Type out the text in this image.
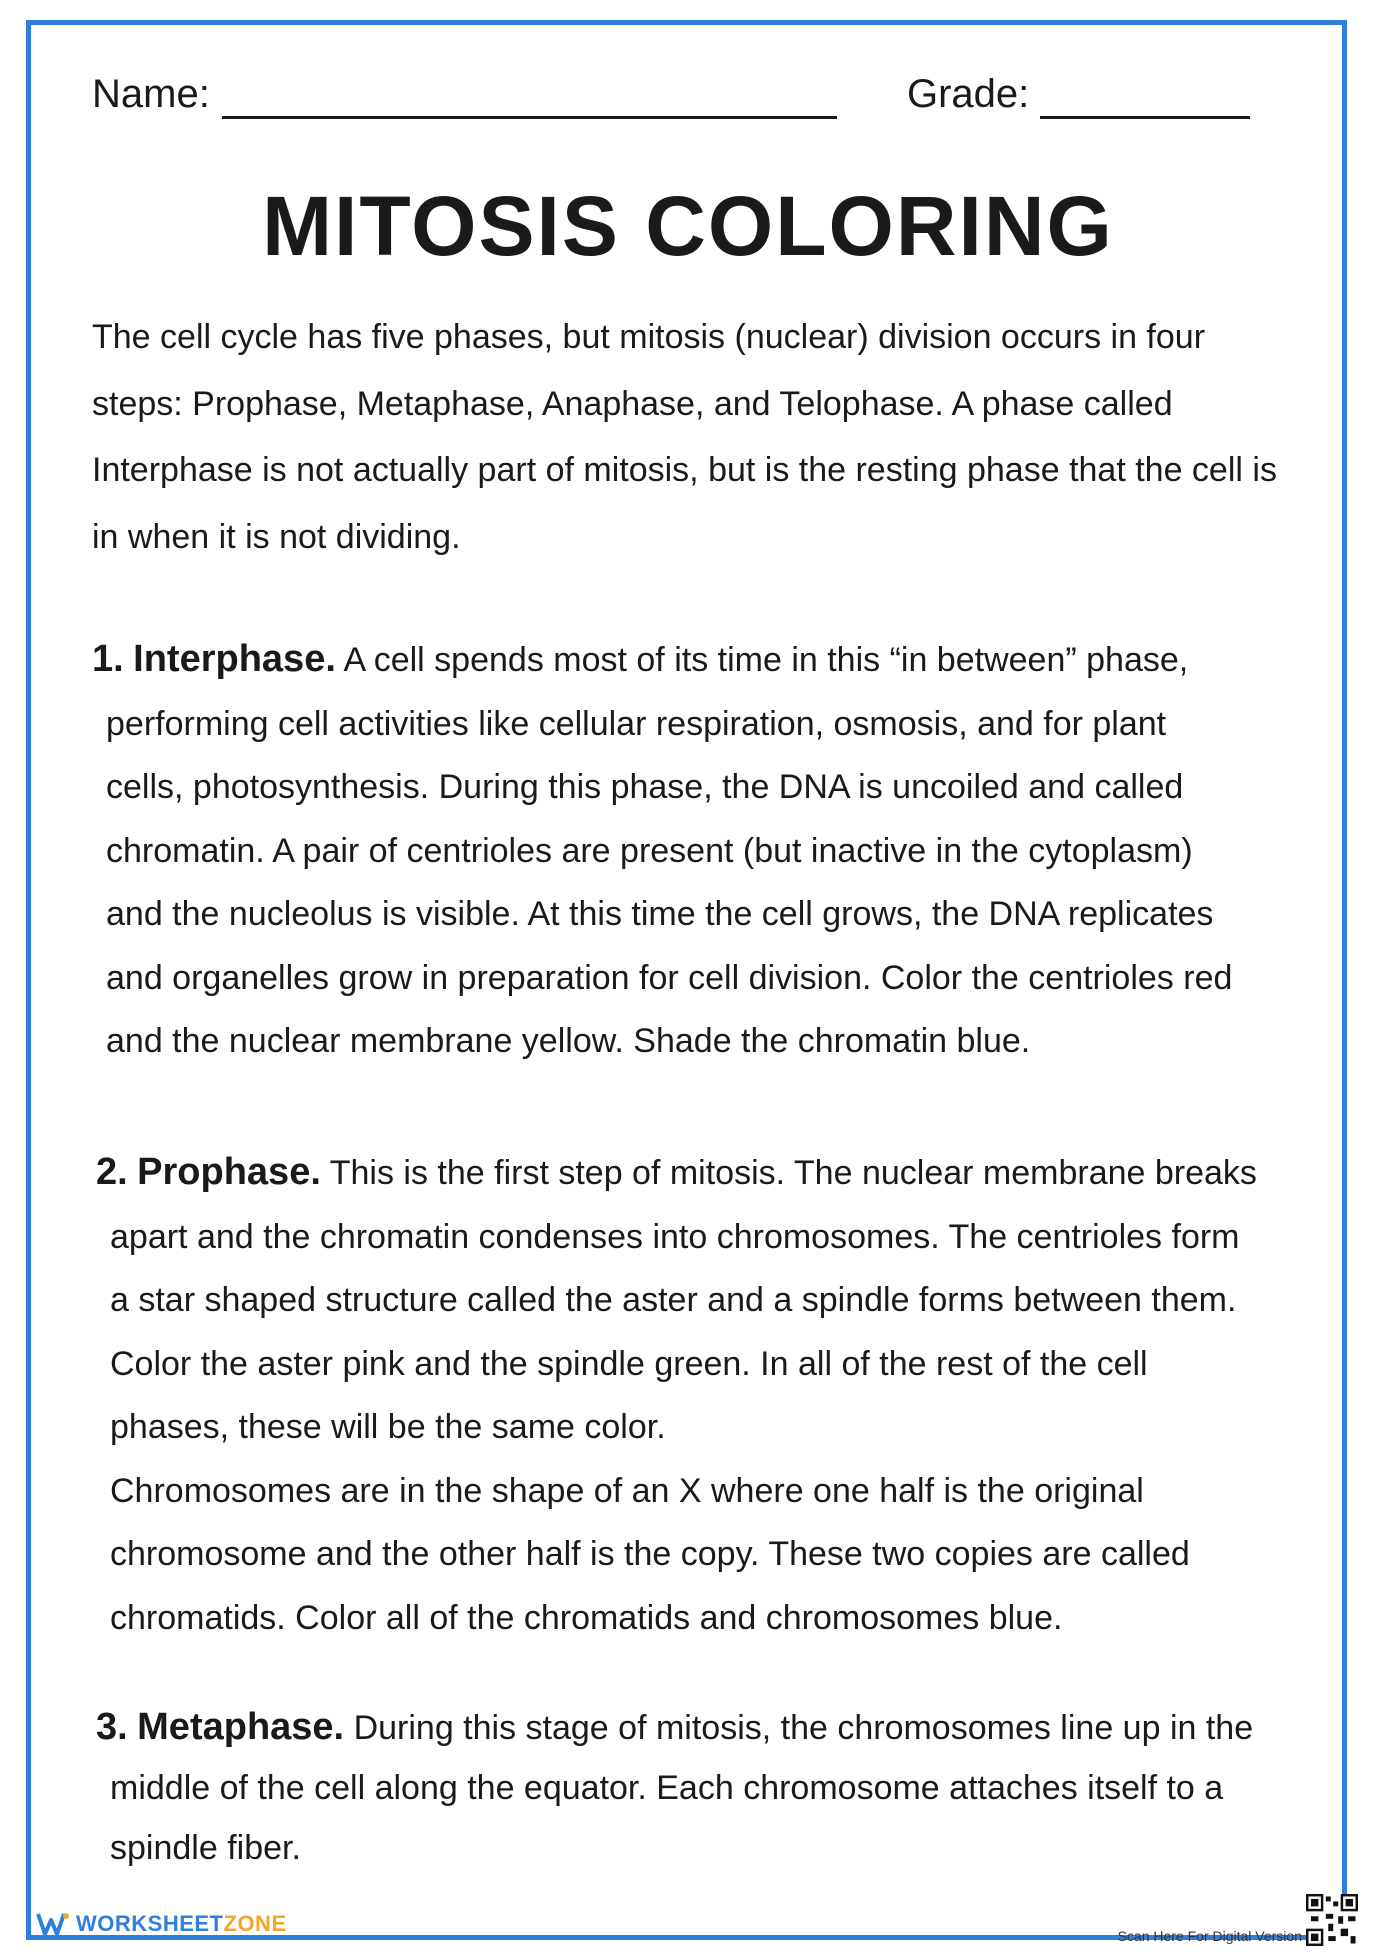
Name:	Grade:
MITOSIS COLORING
The cell cycle has five phases, but mitosis (nuclear) division occurs in four steps: Prophase, Metaphase, Anaphase, and Telophase. A phase called Interphase is not actually part of mitosis, but is the resting phase that the cell is in when it is not dividing.
1. Interphase. A cell spends most of its time in this “in between” phase, performing cell activities like cellular respiration, osmosis, and for plant cells, photosynthesis. During this phase, the DNA is uncoiled and called chromatin. A pair of centrioles are present (but inactive in the cytoplasm) and the nucleolus is visible. At this time the cell grows, the DNA replicates and organelles grow in preparation for cell division. Color the centrioles red and the nuclear membrane yellow. Shade the chromatin blue.
2. Prophase. This is the first step of mitosis. The nuclear membrane breaks apart and the chromatin condenses into chromosomes. The centrioles form a star shaped structure called the aster and a spindle forms between them. Color the aster pink and the spindle green. In all of the rest of the cell phases, these will be the same color.
Chromosomes are in the shape of an X where one half is the original chromosome and the other half is the copy. These two copies are called chromatids. Color all of the chromatids and chromosomes blue.
3. Metaphase. During this stage of mitosis, the chromosomes line up in the middle of the cell along the equator. Each chromosome attaches itself to a spindle fiber.
WORKSHEETZONE	Scan Here For Digital Version
